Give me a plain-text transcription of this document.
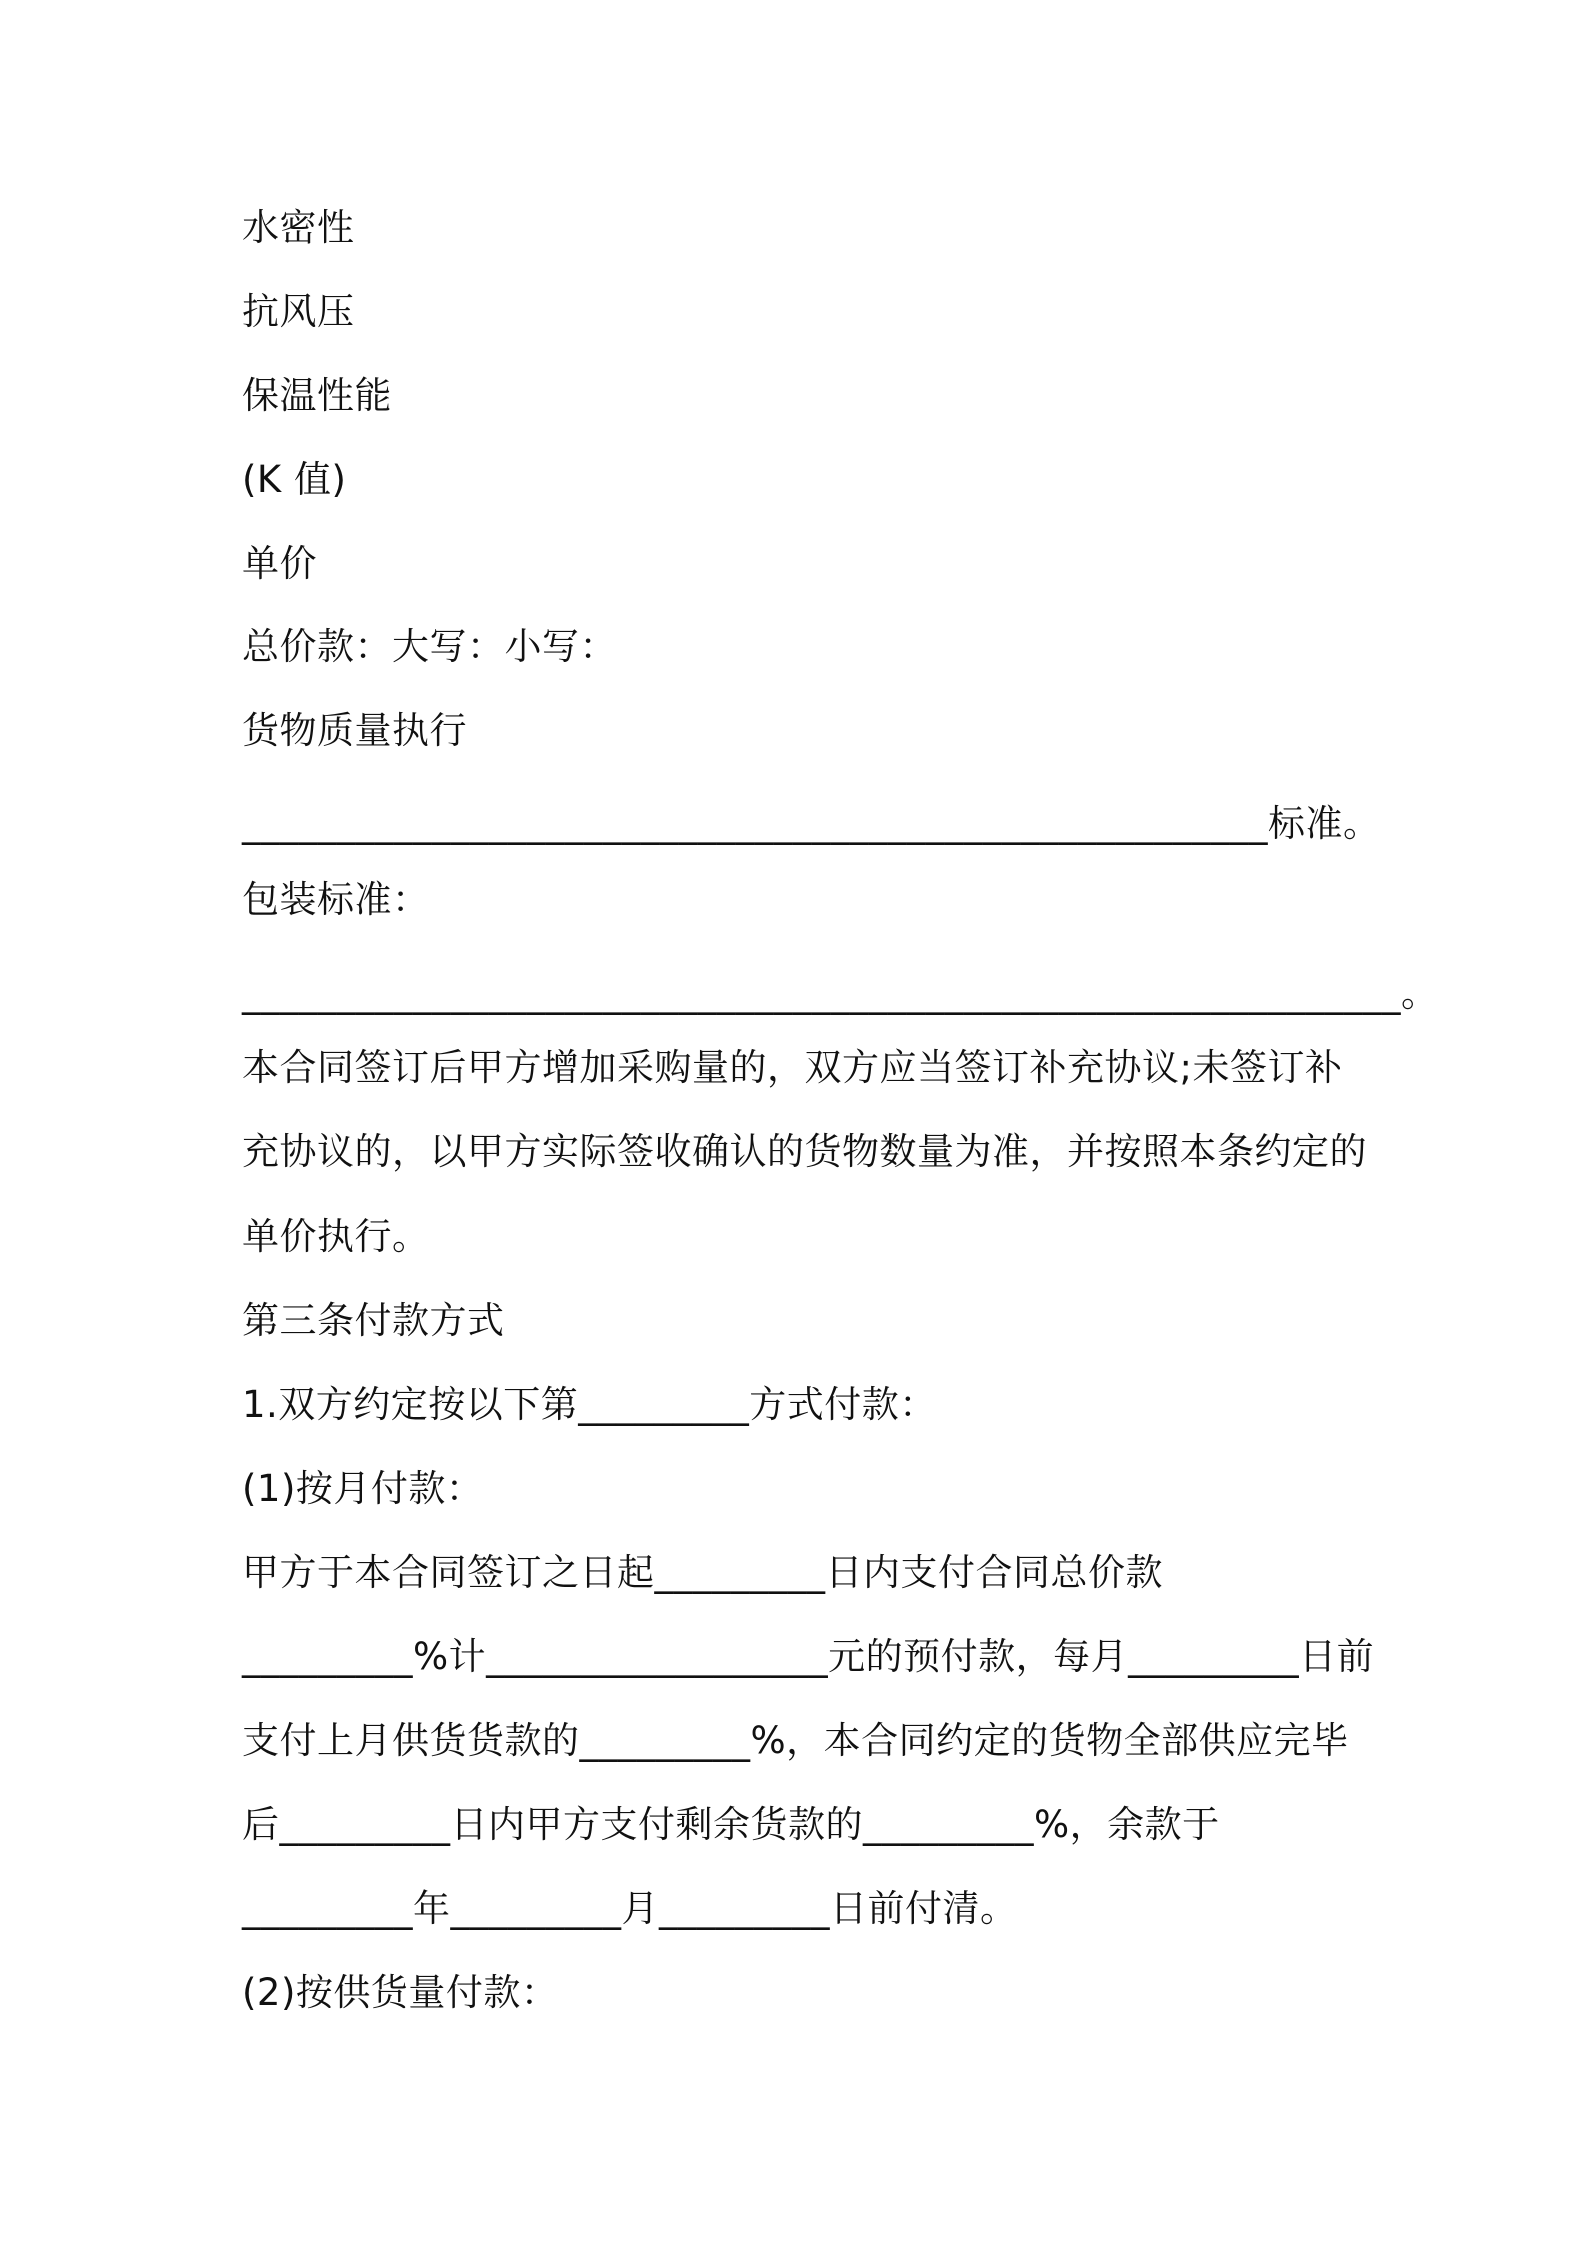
水密性
抗风压
保温性能
(K 值)
单价
总价款：大写：小写：
货物质量执行
______________________________________________________标准。
包装标准：
_____________________________________________________________。
本合同签订后甲方增加采购量的，双方应当签订补充协议;未签订补
充协议的，以甲方实际签收确认的货物数量为准，并按照本条约定的
单价执行。
第三条付款方式
1.双方约定按以下第_________方式付款：
(1)按月付款：
甲方于本合同签订之日起_________日内支付合同总价款
_________%计__________________元的预付款，每月_________日前
支付上月供货货款的_________%，本合同约定的货物全部供应完毕
后_________日内甲方支付剩余货款的_________%，余款于
_________年_________月_________日前付清。
(2)按供货量付款：
